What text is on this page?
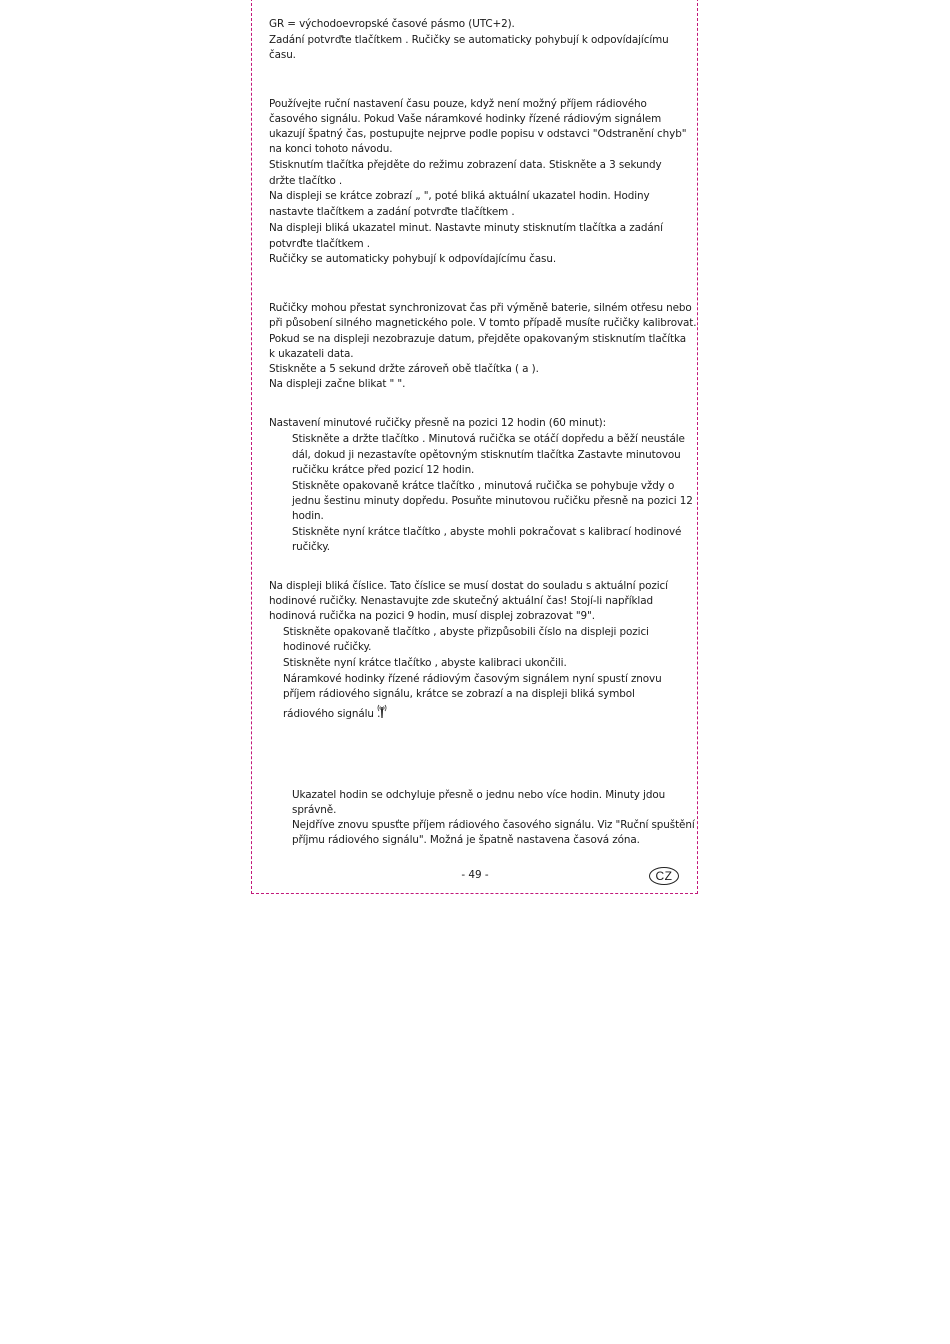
GR = východoevropské časové pásmo (UTC+2).
Zadání potvrďte tlačítkem . Ručičky se automaticky pohybují k odpovídajícímu
času.
Používejte ruční nastavení času pouze, když není možný příjem rádiového
časového signálu. Pokud Vaše náramkové hodinky řízené rádiovým signálem
ukazují špatný čas, postupujte nejprve podle popisu v odstavci "Odstranění chyb"
na konci tohoto návodu.
Stisknutím tlačítka přejděte do režimu zobrazení data. Stiskněte a 3 sekundy
držte tlačítko .
Na displeji se krátce zobrazí „ ", poté bliká aktuální ukazatel hodin. Hodiny
nastavte tlačítkem a zadání potvrďte tlačítkem .
Na displeji bliká ukazatel minut. Nastavte minuty stisknutím tlačítka a zadání
potvrďte tlačítkem .
Ručičky se automaticky pohybují k odpovídajícímu času.
Ručičky mohou přestat synchronizovat čas při výměně baterie, silném otřesu nebo
při působení silného magnetického pole. V tomto případě musíte ručičky kalibrovat.
Pokud se na displeji nezobrazuje datum, přejděte opakovaným stisknutím tlačítka
k ukazateli data.
Stiskněte a 5 sekund držte zároveň obě tlačítka ( a ).
Na displeji začne blikat " ".
Nastavení minutové ručičky přesně na pozici 12 hodin (60 minut):
Stiskněte a držte tlačítko . Minutová ručička se otáčí dopředu a běží neustále
dál, dokud ji nezastavíte opětovným stisknutím tlačítka Zastavte minutovou
ručičku krátce před pozicí 12 hodin.
Stiskněte opakovaně krátce tlačítko , minutová ručička se pohybuje vždy o
jednu šestinu minuty dopředu. Posuňte minutovou ručičku přesně na pozici 12
hodin.
Stiskněte nyní krátce tlačítko , abyste mohli pokračovat s kalibrací hodinové
ručičky.
Na displeji bliká číslice. Tato číslice se musí dostat do souladu s aktuální pozicí
hodinové ručičky. Nenastavujte zde skutečný aktuální čas! Stojí-li například
hodinová ručička na pozici 9 hodin, musí displej zobrazovat "9".
Stiskněte opakovaně tlačítko , abyste přizpůsobili číslo na displeji pozici
hodinové ručičky.
Stiskněte nyní krátce tlačítko , abyste kalibraci ukončili.
Náramkové hodinky řízené rádiovým časovým signálem nyní spustí znovu
příjem rádiového signálu, krátce se zobrazí a na displeji bliká symbol
rádiového signálu .
Ukazatel hodin se odchyluje přesně o jednu nebo více hodin. Minuty jdou
správně.
Nejdříve znovu spusťte příjem rádiového časového signálu. Viz "Ruční spuštění
příjmu rádiového signálu". Možná je špatně nastavena časová zóna.
- 49 -	CZ
